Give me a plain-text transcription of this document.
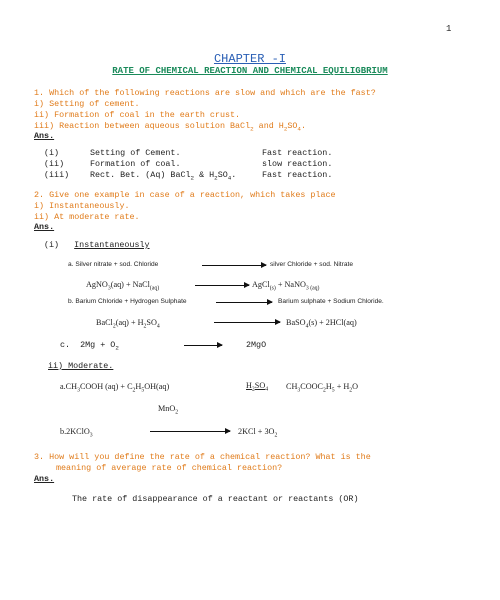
1
CHAPTER -I
RATE OF CHEMICAL REACTION AND CHEMICAL EQUILIGBRIUM
1. Which of the following reactions are slow and which are the fast?
i) Setting of cement.
ii) Formation of coal in the earth crust.
iii) Reaction between aqueous solution BaCl$_2$ and $H_2SO_4$.
Ans.
(i)	Setting of Cement.	Fast reaction.
(ii)	Formation of coal.	slow reaction.
(iii) Rect. Bet. (Aq) BaCl$_2$ & $H_2SO_4$.	Fast reaction.
2. Give one example in case of a reaction, which takes place
i) Instantaneously.
ii) At moderate rate.
Ans.
(i) Instantaneously
a. Silver nitrate + sod. Chloride	→ silver Chloride + sod. Nitrate
AgNO$_3$(aq) + NaCl$_{(aq)}$ → AgCl$_{(s)}$ + NaNO$_{3 (aq)}$
b. Barium Chloride + Hydrogen Sulphate → Barium sulphate + Sodium Chloride.
BaCl$_2$(aq) + $H_2SO_4$	BaSO$_4$(s) + 2HCl(aq)
c. $2Mg + O_2$	→	2MgO
ii) Moderate.
$a.CH_3COOH$ $(aq) + C_2H_5OH(aq)$	$H_2SO_4$ $CH_3COOC_2H_5 + H_2O$
MnO$_2$
b.2KClO$_3$	$2KCl + 3O_2$
3. How will you define the rate of a chemical reaction? What is the
meaning of average rate of chemical reaction?
Ans.
The rate of disappearance of a reactant or reactants (OR)
